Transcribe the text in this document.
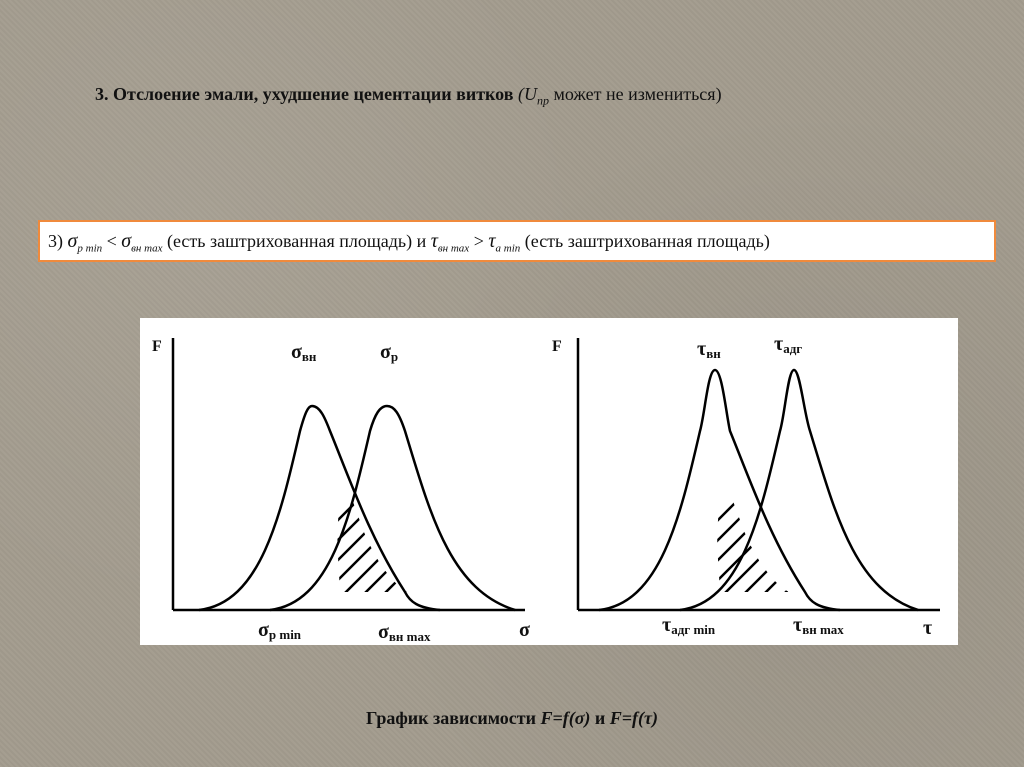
3. Отслоение эмали, ухудшение цементации витков ($U_{пр}$ может не измениться)
3) $\sigma_{р min} < \sigma_{вн max}$ (есть заштрихованная площадь) и $\tau_{вн max} > \tau_{a min}$ (есть заштрихованная площадь)
F
σ
σвн	σр
σр min	σвн max
F
τ
τвн	τадг
τадг min	τвн max
График зависимости F=f(σ) и F=f(τ)
